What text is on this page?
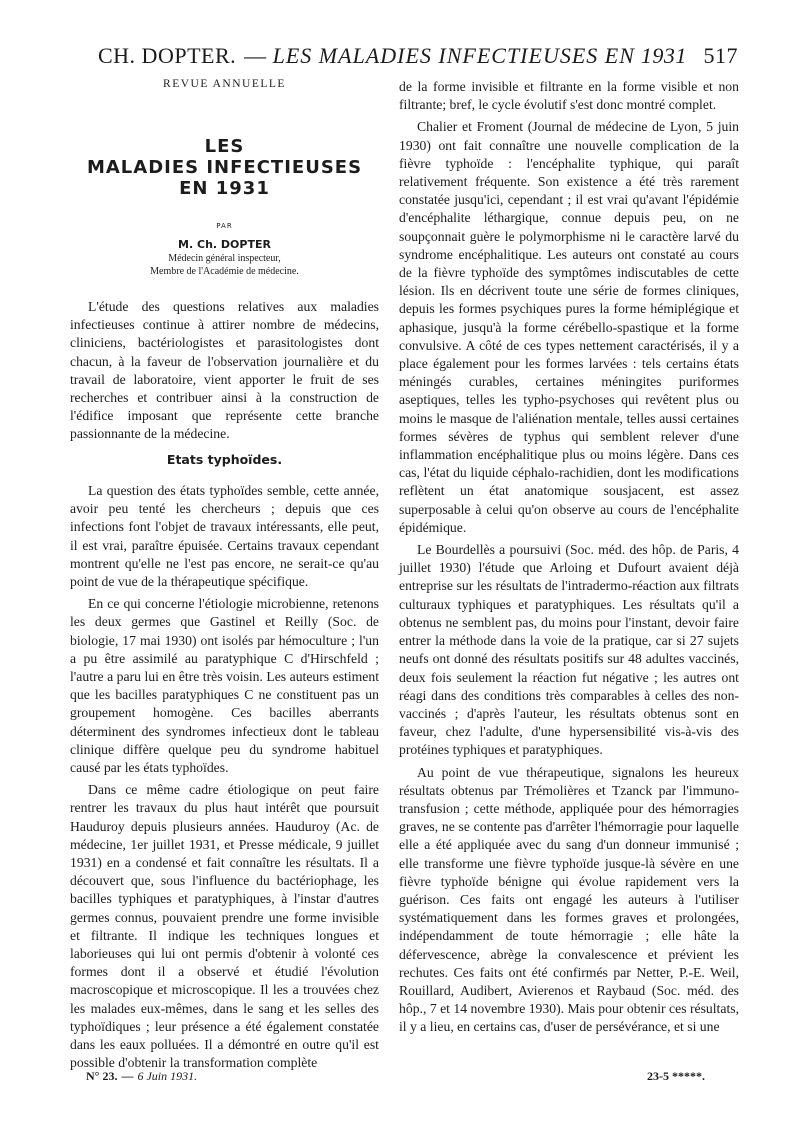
CH. DOPTER. — LES MALADIES INFECTIEUSES EN 1931 517
REVUE ANNUELLE
LES
MALADIES INFECTIEUSES
EN 1931
PAR
M. Ch. DOPTER
Médecin général inspecteur,
Membre de l'Académie de médecine.

L'étude des questions relatives aux maladies infectieuses continue à attirer nombre de médecins, cliniciens, bactériologistes et parasitologistes dont chacun, à la faveur de l'observation journalière et du travail de laboratoire, vient apporter le fruit de ses recherches et contribuer ainsi à la construction de l'édifice imposant que représente cette branche passionnante de la médecine.

Etats typhoïdes.

La question des états typhoïdes semble, cette année, avoir peu tenté les chercheurs ; depuis que ces infections font l'objet de travaux intéressants, elle peut, il est vrai, paraître épuisée. Certains travaux cependant montrent qu'elle ne l'est pas encore, ne serait-ce qu'au point de vue de la thérapeutique spécifique.

En ce qui concerne l'étiologie microbienne, retenons les deux germes que Gastinel et Reilly (Soc. de biologie, 17 mai 1930) ont isolés par hémoculture ; l'un a pu être assimilé au paratyphique C d'Hirschfeld ; l'autre a paru lui en être très voisin. Les auteurs estiment que les bacilles paratyphiques C ne constituent pas un groupement homogène. Ces bacilles aberrants déterminent des syndromes infectieux dont le tableau clinique diffère quelque peu du syndrome habituel causé par les états typhoïdes.

Dans ce même cadre étiologique on peut faire rentrer les travaux du plus haut intérêt que poursuit Hauduroy depuis plusieurs années. Hauduroy (Ac. de médecine, 1er juillet 1931, et Presse médicale, 9 juillet 1931) en a condensé et fait connaître les résultats. Il a découvert que, sous l'influence du bactériophage, les bacilles typhiques et paratyphiques, à l'instar d'autres germes connus, pouvaient prendre une forme invisible et filtrante. Il indique les techniques longues et laborieuses qui lui ont permis d'obtenir à volonté ces formes dont il a observé et étudié l'évolution macroscopique et microscopique. Il les a trouvées chez les malades eux-mêmes, dans le sang et les selles des typhoïdiques ; leur présence a été également constatée dans les eaux polluées. Il a démontré en outre qu'il est possible d'obtenir la transformation complète

de la forme invisible et filtrante en la forme visible et non filtrante; bref, le cycle évolutif s'est donc montré complet.

Chalier et Froment (Journal de médecine de Lyon, 5 juin 1930) ont fait connaître une nouvelle complication de la fièvre typhoïde : l'encéphalite typhique, qui paraît relativement fréquente. Son existence a été très rarement constatée jusqu'ici, cependant ; il est vrai qu'avant l'épidémie d'encéphalite léthargique, connue depuis peu, on ne soupçonnait guère le polymorphisme ni le caractère larvé du syndrome encéphalitique. Les auteurs ont constaté au cours de la fièvre typhoïde des symptômes indiscutables de cette lésion. Ils en décrivent toute une série de formes cliniques, depuis les formes psychiques pures la forme hémiplégique et aphasique, jusqu'à la forme cérébello-spastique et la forme convulsive. A côté de ces types nettement caractérisés, il y a place également pour les formes larvées : tels certains états méningés curables, certaines méningites puriformes aseptiques, telles les typho-psychoses qui revêtent plus ou moins le masque de l'aliénation mentale, telles aussi certaines formes sévères de typhus qui semblent relever d'une inflammation encéphalitique plus ou moins légère. Dans ces cas, l'état du liquide céphalo-rachidien, dont les modifications reflètent un état anatomique sousjacent, est assez superposable à celui qu'on observe au cours de l'encéphalite épidémique.

Le Bourdellès a poursuivi (Soc. méd. des hôp. de Paris, 4 juillet 1930) l'étude que Arloing et Dufourt avaient déjà entreprise sur les résultats de l'intradermo-réaction aux filtrats culturaux typhiques et paratyphiques. Les résultats qu'il a obtenus ne semblent pas, du moins pour l'instant, devoir faire entrer la méthode dans la voie de la pratique, car si 27 sujets neufs ont donné des résultats positifs sur 48 adultes vaccinés, deux fois seulement la réaction fut négative ; les autres ont réagi dans des conditions très comparables à celles des non-vaccinés ; d'après l'auteur, les résultats obtenus sont en faveur, chez l'adulte, d'une hypersensibilité vis-à-vis des protéines typhiques et paratyphiques.

Au point de vue thérapeutique, signalons les heureux résultats obtenus par Trémolières et Tzanck par l'immuno-transfusion ; cette méthode, appliquée pour des hémorragies graves, ne se contente pas d'arrêter l'hémorragie pour laquelle elle a été appliquée avec du sang d'un donneur immunisé ; elle transforme une fièvre typhoïde jusque-là sévère en une fièvre typhoïde bénigne qui évolue rapidement vers la guérison. Ces faits ont engagé les auteurs à l'utiliser systématiquement dans les formes graves et prolongées, indépendamment de toute hémorragie ; elle hâte la défervescence, abrège la convalescence et prévient les rechutes. Ces faits ont été confirmés par Netter, P.-E. Weil, Rouillard, Audibert, Avierenos et Raybaud (Soc. méd. des hôp., 7 et 14 novembre 1930). Mais pour obtenir ces résultats, il y a lieu, en certains cas, d'user de persévérance, et si une

N° 23. — 6 Juin 1931.	23-5 *****.
